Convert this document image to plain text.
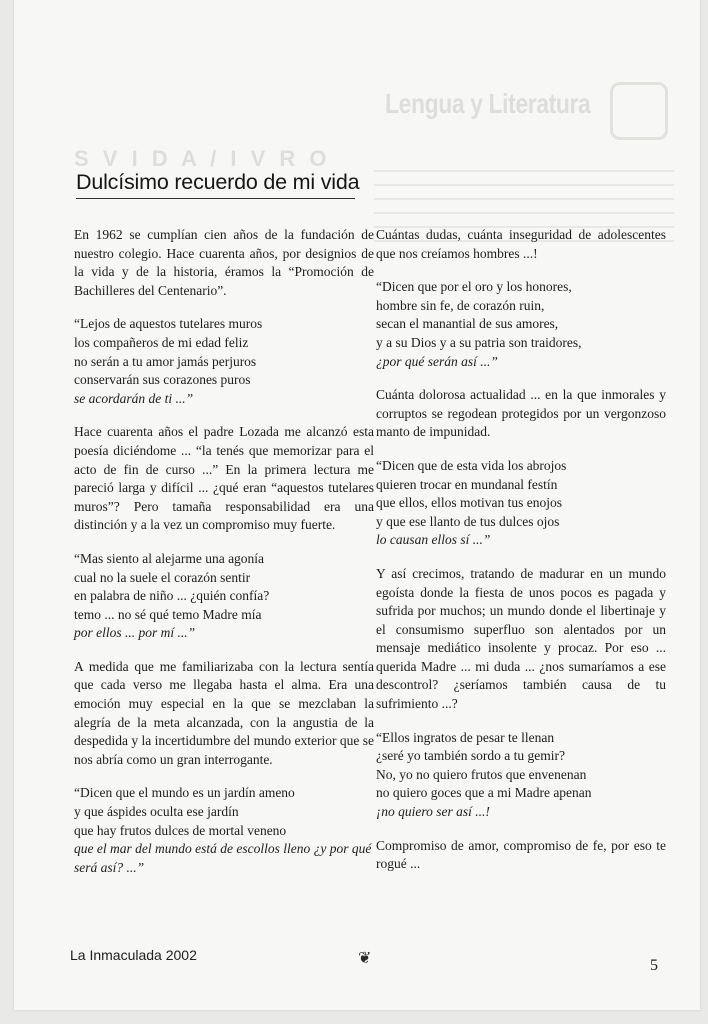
Lengua y Literatura
S V I D A / I V R O
Dulcísimo recuerdo de mi vida

En 1962 se cumplían cien años de la fundación de nuestro colegio. Hace cuarenta años, por designios de la vida y de la historia, éramos la “Promoción de Bachilleres del Centenario”.

“Lejos de aquestos tutelares muros
los compañeros de mi edad feliz
no serán a tu amor jamás perjuros
conservarán sus corazones puros
se acordarán de ti ...”

Hace cuarenta años el padre Lozada me alcanzó esta poesía diciéndome ... “la tenés que memorizar para el acto de fin de curso ...” En la primera lectura me pareció larga y difícil ... ¿qué eran “aquestos tutelares muros”? Pero tamaña responsabilidad era una distinción y a la vez un compromiso muy fuerte.

“Mas siento al alejarme una agonía
cual no la suele el corazón sentir
en palabra de niño ... ¿quién confía?
temo ... no sé qué temo Madre mía
por ellos ... por mí ...”

A medida que me familiarizaba con la lectura sentía que cada verso me llegaba hasta el alma. Era una emoción muy especial en la que se mezclaban la alegría de la meta alcanzada, con la angustia de la despedida y la incertidumbre del mundo exterior que se nos abría como un gran interrogante.

“Dicen que el mundo es un jardín ameno
y que áspides oculta ese jardín
que hay frutos dulces de mortal veneno
que el mar del mundo está de escollos lleno ¿y por qué será así? ...”

Cuántas dudas, cuánta inseguridad de adolescentes que nos creíamos hombres ...!

“Dicen que por el oro y los honores,
hombre sin fe, de corazón ruin,
secan el manantial de sus amores,
y a su Dios y a su patria son traidores,
¿por qué serán así ...”

Cuánta dolorosa actualidad ... en la que inmorales y corruptos se regodean protegidos por un vergonzoso manto de impunidad.

“Dicen que de esta vida los abrojos
quieren trocar en mundanal festín
que ellos, ellos motivan tus enojos
y que ese llanto de tus dulces ojos
lo causan ellos sí ...”

Y así crecimos, tratando de madurar en un mundo egoísta donde la fiesta de unos pocos es pagada y sufrida por muchos; un mundo donde el libertinaje y el consumismo superfluo son alentados por un mensaje mediático insolente y procaz. Por eso ... querida Madre ... mi duda ... ¿nos sumaríamos a ese descontrol? ¿seríamos también causa de tu sufrimiento ...?

“Ellos ingratos de pesar te llenan
¿seré yo también sordo a tu gemir?
No, yo no quiero frutos que envenenan
no quiero goces que a mi Madre apenan
¡no quiero ser así ...!

Compromiso de amor, compromiso de fe, por eso te rogué ...

La Inmaculada 2002	❦	5
